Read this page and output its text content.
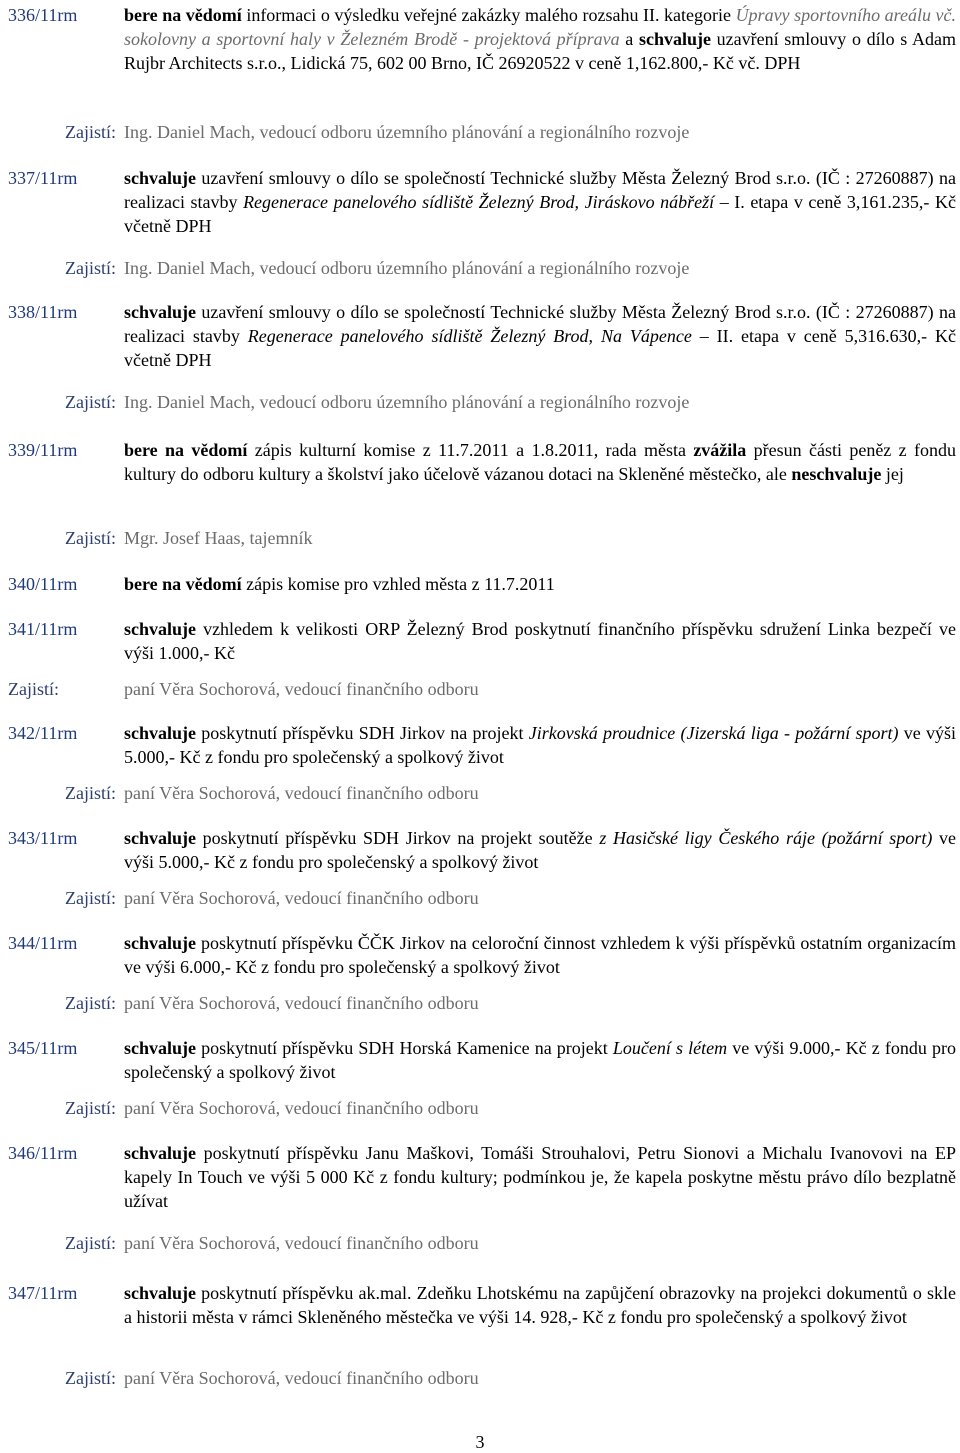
336/11rm	bere na vědomí informaci o výsledku veřejné zakázky malého rozsahu II. kategorie Úpravy sportovního areálu vč. sokolovny a sportovní haly v Železném Brodě - projektová příprava a schvaluje uzavření smlouvy o dílo s Adam Rujbr Architects s.r.o., Lidická 75, 602 00 Brno, IČ 26920522 v ceně 1,162.800,- Kč vč. DPH
Zajistí: Ing. Daniel Mach, vedoucí odboru územního plánování a regionálního rozvoje
337/11rm	schvaluje uzavření smlouvy o dílo se společností Technické služby Města Železný Brod s.r.o. (IČ : 27260887) na realizaci stavby Regenerace panelového sídliště Železný Brod, Jiráskovo nábřeží – I. etapa v ceně 3,161.235,- Kč včetně DPH
Zajistí: Ing. Daniel Mach, vedoucí odboru územního plánování a regionálního rozvoje
338/11rm	schvaluje uzavření smlouvy o dílo se společností Technické služby Města Železný Brod s.r.o. (IČ : 27260887) na realizaci stavby Regenerace panelového sídliště Železný Brod, Na Vápence – II. etapa v ceně 5,316.630,- Kč včetně DPH
Zajistí: Ing. Daniel Mach, vedoucí odboru územního plánování a regionálního rozvoje
339/11rm	bere na vědomí zápis kulturní komise z 11.7.2011 a 1.8.2011, rada města zvážila přesun části peněz z fondu kultury do odboru kultury a školství jako účelově vázanou dotaci na Skleněné městečko, ale neschvaluje jej
Zajistí: Mgr. Josef Haas, tajemník
340/11rm	bere na vědomí zápis komise pro vzhled města z 11.7.2011
341/11rm	schvaluje vzhledem k velikosti ORP Železný Brod poskytnutí finančního příspěvku sdružení Linka bezpečí ve výši 1.000,- Kč
Zajistí:	paní Věra Sochorová, vedoucí finančního odboru
342/11rm	schvaluje poskytnutí příspěvku SDH Jirkov na projekt Jirkovská proudnice (Jizerská liga - požární sport) ve výši 5.000,- Kč z fondu pro společenský a spolkový život
Zajistí: paní Věra Sochorová, vedoucí finančního odboru
343/11rm	schvaluje poskytnutí příspěvku SDH Jirkov na projekt soutěže z Hasičské ligy Českého ráje (požární sport) ve výši 5.000,- Kč z fondu pro společenský a spolkový život
Zajistí: paní Věra Sochorová, vedoucí finančního odboru
344/11rm	schvaluje poskytnutí příspěvku ČČK Jirkov na celoroční činnost vzhledem k výši příspěvků ostatním organizacím ve výši 6.000,- Kč z fondu pro společenský a spolkový život
Zajistí: paní Věra Sochorová, vedoucí finančního odboru
345/11rm	schvaluje poskytnutí příspěvku SDH Horská Kamenice na projekt Loučení s létem ve výši 9.000,- Kč z fondu pro společenský a spolkový život
Zajistí: paní Věra Sochorová, vedoucí finančního odboru
346/11rm	schvaluje poskytnutí příspěvku Janu Maškovi, Tomáši Strouhalovi, Petru Sionovi a Michalu Ivanovovi na EP kapely In Touch ve výši 5 000 Kč z fondu kultury; podmínkou je, že kapela poskytne městu právo dílo bezplatně užívat
Zajistí: paní Věra Sochorová, vedoucí finančního odboru
347/11rm	schvaluje poskytnutí příspěvku ak.mal. Zdeňku Lhotskému na zapůjčení obrazovky na projekci dokumentů o skle a historii města v rámci Skleněného městečka ve výši 14. 928,- Kč z fondu pro společenský a spolkový život
Zajistí: paní Věra Sochorová, vedoucí finančního odboru
3
